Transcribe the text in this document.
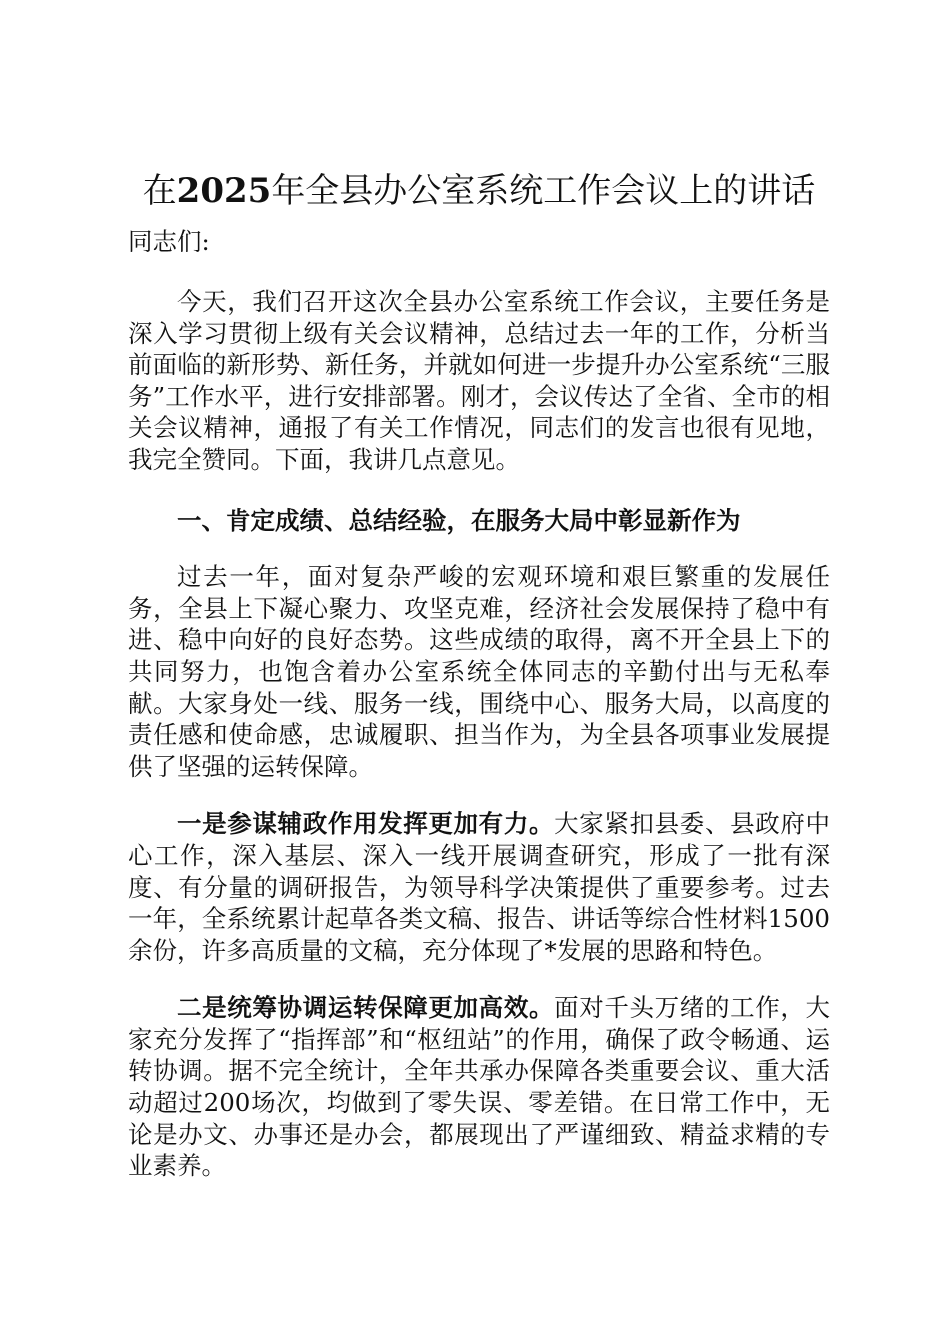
在2025年全县办公室系统工作会议上的讲话
同志们:

今天，我们召开这次全县办公室系统工作会议，主要任务是深入学习贯彻上级有关会议精神，总结过去一年的工作，分析当前面临的新形势、新任务，并就如何进一步提升办公室系统“三服务”工作水平，进行安排部署。刚才，会议传达了全省、全市的相关会议精神，通报了有关工作情况，同志们的发言也很有见地，我完全赞同。下面，我讲几点意见。

一、肯定成绩、总结经验，在服务大局中彰显新作为

过去一年，面对复杂严峻的宏观环境和艰巨繁重的发展任务，全县上下凝心聚力、攻坚克难，经济社会发展保持了稳中有进、稳中向好的良好态势。这些成绩的取得，离不开全县上下的共同努力，也饱含着办公室系统全体同志的辛勤付出与无私奉献。大家身处一线、服务一线，围绕中心、服务大局，以高度的责任感和使命感，忠诚履职、担当作为，为全县各项事业发展提供了坚强的运转保障。

一是参谋辅政作用发挥更加有力。大家紧扣县委、县政府中心工作，深入基层、深入一线开展调查研究，形成了一批有深度、有分量的调研报告，为领导科学决策提供了重要参考。过去一年，全系统累计起草各类文稿、报告、讲话等综合性材料1500余份，许多高质量的文稿，充分体现了*发展的思路和特色。

二是统筹协调运转保障更加高效。面对千头万绪的工作，大家充分发挥了“指挥部”和“枢纽站”的作用，确保了政令畅通、运转协调。据不完全统计，全年共承办保障各类重要会议、重大活动超过200场次，均做到了零失误、零差错。在日常工作中，无论是办文、办事还是办会，都展现出了严谨细致、精益求精的专业素养。
